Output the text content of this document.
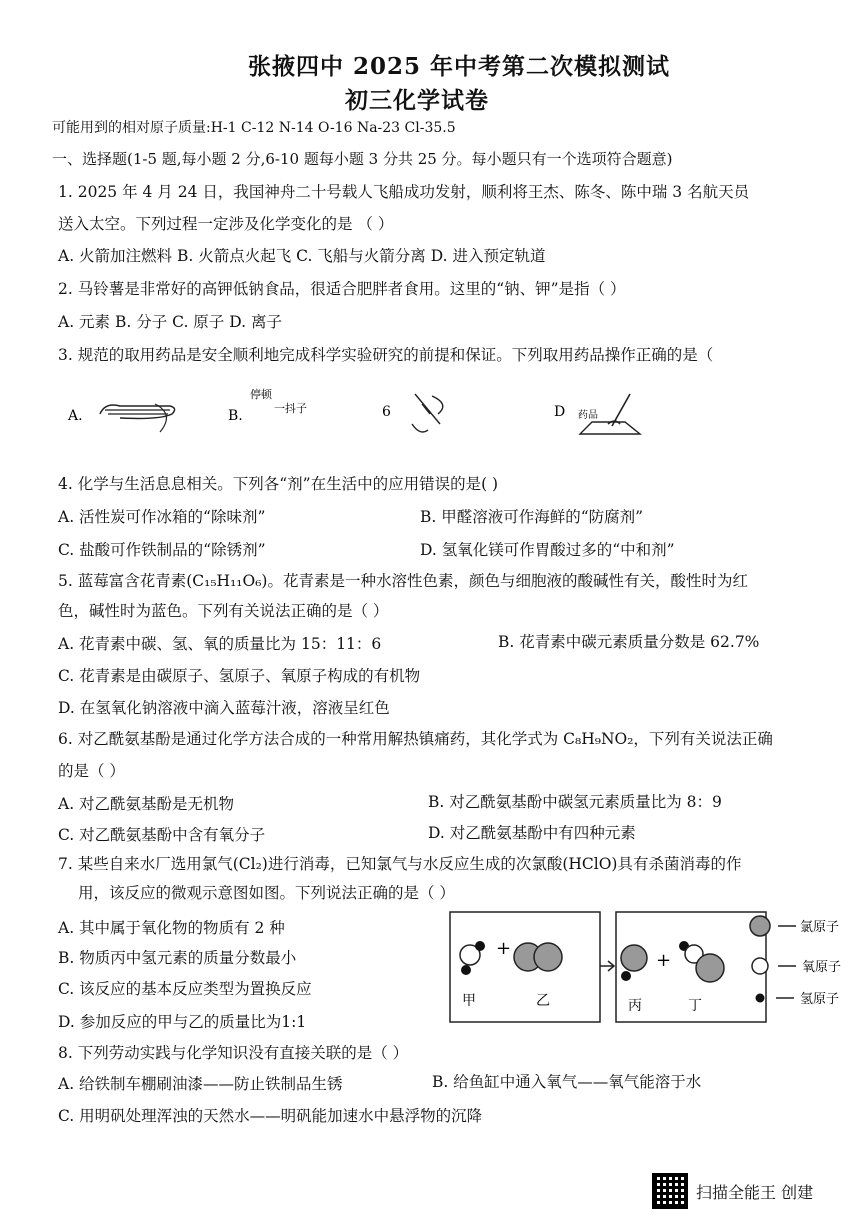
张掖四中 2025 年中考第二次模拟测试
初三化学试卷
可能用到的相对原子质量:H-1 C-12 N-14 O-16 Na-23 Cl-35.5
一、选择题(1-5 题,每小题 2 分,6-10 题每小题 3 分共 25 分。每小题只有一个选项符合题意)
1. 2025 年 4 月 24 日，我国神舟二十号载人飞船成功发射，顺利将王杰、陈冬、陈中瑞 3 名航天员
送入太空。下列过程一定涉及化学变化的是 （ ）
A. 火箭加注燃料 B. 火箭点火起飞 C. 飞船与火箭分离 D. 进入预定轨道
2. 马铃薯是非常好的高钾低钠食品，很适合肥胖者食用。这里的“钠、钾”是指（ ）
A. 元素 B. 分子 C. 原子 D. 离子
3. 规范的取用药品是安全顺利地完成科学实验研究的前提和保证。下列取用药品操作正确的是（
A.	B.
停顿
一抖子	6	D 药品
4. 化学与生活息息相关。下列各“剂”在生活中的应用错误的是( )
A. 活性炭可作冰箱的“除味剂”	B. 甲醛溶液可作海鲜的“防腐剂”
C. 盐酸可作铁制品的“除锈剂”	D. 氢氧化镁可作胃酸过多的“中和剂”
5. 蓝莓富含花青素(C₁₅H₁₁O₆)。花青素是一种水溶性色素，颜色与细胞液的酸碱性有关，酸性时为红
色，碱性时为蓝色。下列有关说法正确的是（ ）
A. 花青素中碳、氢、氧的质量比为 15：11：6	B. 花青素中碳元素质量分数是 62.7%
C. 花青素是由碳原子、氢原子、氧原子构成的有机物
D. 在氢氧化钠溶液中滴入蓝莓汁液，溶液呈红色
6. 对乙酰氨基酚是通过化学方法合成的一种常用解热镇痛药，其化学式为 C₈H₉NO₂，下列有关说法正确
的是（ ）
A. 对乙酰氨基酚是无机物	B. 对乙酰氨基酚中碳氢元素质量比为 8：9
C. 对乙酰氨基酚中含有氧分子	D. 对乙酰氨基酚中有四种元素
7. 某些自来水厂选用氯气(Cl₂)进行消毒，已知氯气与水反应生成的次氯酸(HClO)具有杀菌消毒的作
用，该反应的微观示意图如图。下列说法正确的是（ ）
A. 其中属于氧化物的物质有 2 种
B. 物质丙中氢元素的质量分数最小
C. 该反应的基本反应类型为置换反应
D. 参加反应的甲与乙的质量比为1:1
+
甲	乙
+
丙	丁
氯原子
氧原子
氢原子
8. 下列劳动实践与化学知识没有直接关联的是（ ）
A. 给铁制车棚刷油漆——防止铁制品生锈	B. 给鱼缸中通入氧气——氧气能溶于水
C. 用明矾处理浑浊的天然水——明矾能加速水中悬浮物的沉降
扫描全能王 创建
